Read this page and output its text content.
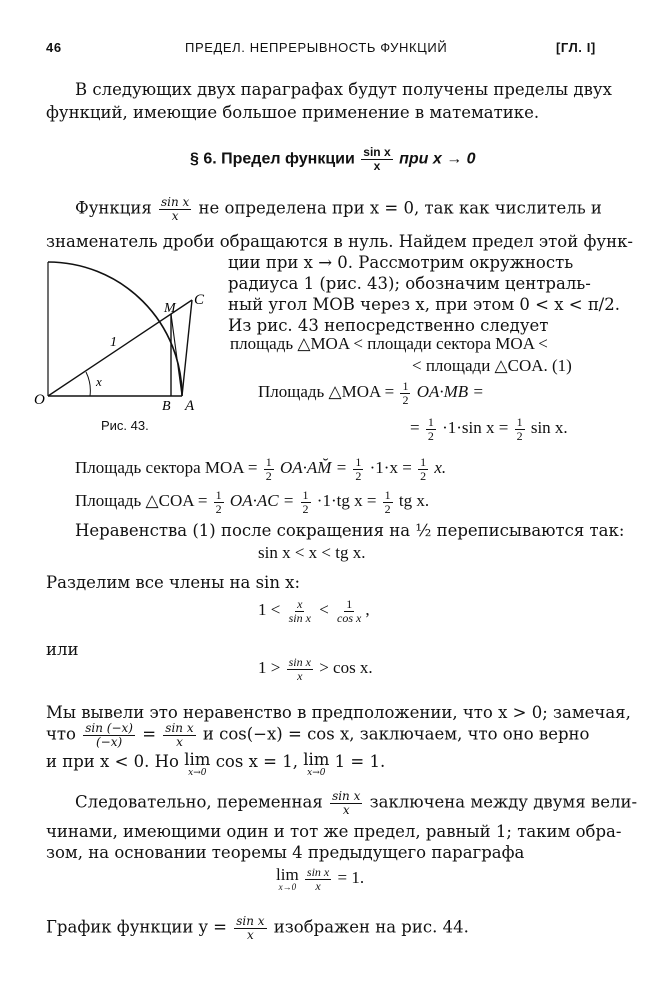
46	ПРЕДЕЛ. НЕПРЕРЫВНОСТЬ ФУНКЦИЙ	[ГЛ. I]
В следующих двух параграфах будут получены пределы двух
функций, имеющие большое применение в математике.
§ 6. Предел функции $\frac{\text{sin x}}{x}$ при x → 0
Функция $\frac{\text{sin x}}{x}$ не определена при x = 0, так как числитель и
знаменатель дроби обращаются в нуль. Найдем предел этой функ-
ции при x → 0. Рассмотрим окружность
радиуса 1 (рис. 43); обозначим централь-
ный угол MOB через x, при этом 0 < x < π/2.
Из рис. 43 непосредственно следует
O	B A
M
C
1
x
Рис. 43.
площадь △MOA < площади сектора MOA <
< площади △COA. (1)
Площадь △MOA = $\frac{1}{2} OA\cdot MB$ =
= $\frac{1}{2} \cdot 1\cdot\sin$ $x = \frac{1}{2}$ sin x.
Площадь сектора MOA = $\frac{1}{2}$ OA·AM̆ = $\frac{1}{2} \cdot 1\cdot x = \frac{1}{2} x$.
Площадь △COA = $\frac{1}{2} OA\cdot AC = \frac{1}{2} \cdot 1\cdot tg$ $x = \frac{1}{2}$ tg x.
Неравенства (1) после сокращения на ½ переписываются так:
sin x < x < tg x.
Разделим все члены на sin x:
$1 < \frac{x}{\text{sin x}} < \frac{1}{\text{cos x}}$ ,
или
$1 > \frac{\text{sin x}}{x} > \cos x$.
Мы вывели это неравенство в предположении, что x > 0; замечая,
что $\frac{\sin (-x)}{(-x)} = \frac{\text{sin x}}{x}$ и cos(−x) = cos x, заключаем, что оно верно
и при x < 0. Но lim
x→0
cos x = 1, lim
x→0
1 = 1.
Следовательно, переменная $\frac{\text{sin x}}{x}$ заключена между двумя вели-
чинами, имеющими один и тот же предел, равный 1; таким обра-
зом, на основании теоремы 4 предыдущего параграфа
lim
x→0
$\frac{\text{sin x}}{x} = 1$.
График функции $y = \frac{\text{sin x}}{x}$ изображен на рис. 44.
